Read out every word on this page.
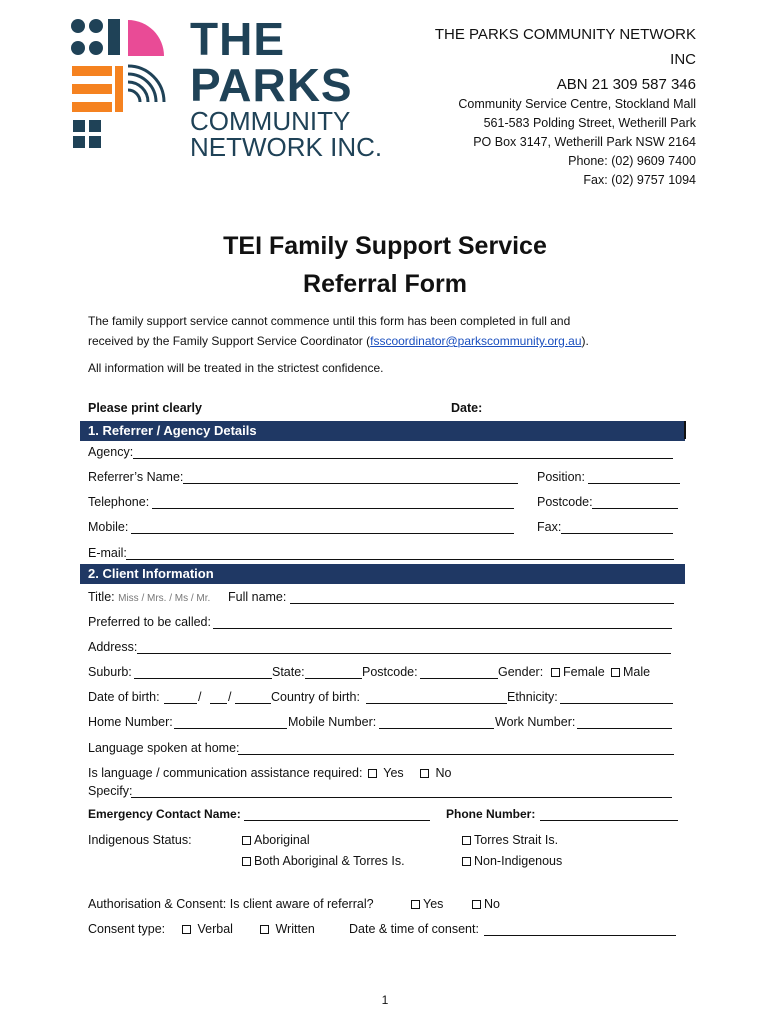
THE
PARKS
COMMUNITY
NETWORK INC.
THE PARKS COMMUNITY NETWORK
INC
ABN 21 309 587 346
Community Service Centre, Stockland Mall
561-583 Polding Street, Wetherill Park
PO Box 3147, Wetherill Park NSW 2164
Phone: (02) 9609 7400
Fax: (02) 9757 1094
TEI Family Support Service
Referral Form
The family support service cannot commence until this form has been completed in full and
received by the Family Support Service Coordinator (fsscoordinator@parkscommunity.org.au).
All information will be treated in the strictest confidence.
Please print clearly	Date:
1. Referrer / Agency Details
Agency:
Referrer’s Name:	Position:
Telephone:	Postcode:
Mobile:	Fax:
E-mail:
2. Client Information
Title: Miss / Mrs. / Ms / Mr. Full name:
Preferred to be called:
Address:
Suburb:	State:	Postcode:	Gender:	Female	Male
Date of birth:	/ /	Country of birth:	Ethnicity:
Home Number:	Mobile Number:	Work Number:
Language spoken at home:
Is language / communication assistance required:	Yes	No
Specify:
Emergency Contact Name:	Phone Number:
Indigenous Status:	Aboriginal	Torres Strait Is.
Both Aboriginal & Torres Is.	Non-Indigenous
Authorisation & Consent: Is client aware of referral?	Yes	No
Consent type:	Verbal	Written	Date & time of consent:
1
